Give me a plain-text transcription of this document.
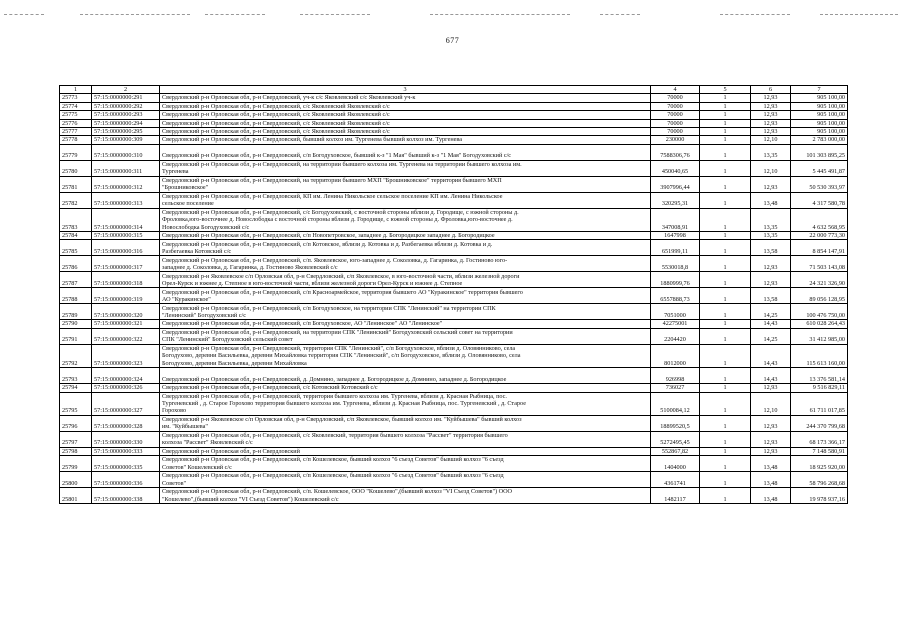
677
1	2	3	4	5	6	7
25773	57:15:0000000:291	Свердловский р-н Орловская обл, р-н Свердловский, уч-к с/с Яковлевский с/с Яковлевский уч-к	70000	1	12,93	905 100,00
25774	57:15:0000000:292	Свердловский р-н Орловская обл, р-н Свердловский, с/с Яковлевский Яковлевский с/с	70000	1	12,93	905 100,00
25775	57:15:0000000:293	Свердловский р-н Орловская обл, р-н Свердловский, с/с Яковлевский Яковлевский с/с	70000	1	12,93	905 100,00
25776	57:15:0000000:294	Свердловский р-н Орловская обл, р-н Свердловский, с/с Яковлевский Яковлевский с/с	70000	1	12,93	905 100,00
25777	57:15:0000000:295	Свердловский р-н Орловская обл, р-н Свердловский, с/с Яковлевский Яковлевский с/с	70000	1	12,93	905 100,00
25778	57:15:0000000:309	Свердловский р-н Орловская обл, р-н Свердловский, бывший колхоз им. Тургенева бывший колхоз им. Тургенева	230000	1	12,10	2 783 000,00
25779	57:15:0000000:310	Свердловский р-н Орловская обл, р-н Свердловский, с/п Богодуховское, бывший к-з "1 Мая" бывший к-з "1 Мая" Богодуховский с/с	7588306,76	1	13,35	101 303 895,25
25780	57:15:0000000:311	Свердловский р-н Орловская обл, р-н Свердловский, на территории бывшего колхоза им. Тургенева на территории бывшего колхоза им.
Тургенева	450040,65	1	12,10	5 445 491,87
25781	57:15:0000000:312	Свердловский р-н Орловская обл, р-н Свердловский, на территории бывшего МХП "Брошниковское" территория бывшего МХП
"Брошниковское"	3907996,44	1	12,93	50 530 393,97
25782	57:15:0000000:313	Свердловский р-н Орловская обл, р-н Свердловский, КП им. Ленина Никольское сельское поселение КП им. Ленина Никольское
сельское поселение	320295,31	1	13,48	4 317 580,78
25783	57:15:0000000:314	Свердловский р-н Орловская обл, р-н Свердловский, с/с Богодуховский, с восточной стороны вблизи д. Городище, с южной стороны д.
Фроловка,юго-восточнее д. Новослободка с восточной стороны вблизи д. Городище, с южной стороны д. Фроловка,юго-восточнее д.
Новослободка Богодуховский с/с	347008,91	1	13,35	4 632 568,95
25784	57:15:0000000:315	Свердловский р-н Орловская обл, р-н Свердловский, с/п Новопетровское, западнее д. Богородицкое западнее д. Богородицкое	1647998	1	13,35	22 000 773,30
25785	57:15:0000000:316	Свердловский р-н Орловская обл, р-н Свердловский, с/п Котовское, вблизи д. Котовка и д. Разбегаевка вблизи д. Котовка и д.
Разбегаевка Котовский с/с	651999,11	1	13,58	8 854 147,91
25786	57:15:0000000:317	Свердловский р-н Орловская обл, р-н Свердловский, с/п. Яковлевское, юго-западнее д. Соколовка, д. Гагаринка, д. Гостиново юго-
западнее д. Соколовка, д. Гагаринка, д. Гостиново Яковлевский с/с	5530018,8	1	12,93	71 503 143,08
25787	57:15:0000000:318	Свердловский р-н Яковлевское с/п Орловская обл, р-н Свердловский, с/п Яковлевское, в юго-восточной части, вблизи железной дороги
Орел-Курск и южнее д. Степное в юго-восточной части, вблизи железной дороги Орел-Курск и южнее д. Степное	1880999,76	1	12,93	24 321 326,90
25788	57:15:0000000:319	Свердловский р-н Орловская обл, р-н Свердловский, с/п Красноармейское, территория бывшего АО "Куракинское" территория бывшего
АО "Куракинское"	6557888,73	1	13,58	89 056 128,95
25789	57:15:0000000:320	Свердловский р-н Орловская обл, р-н Свердловский, с/п Богодуховское, на территории СПК "Ленинский" на территории СПК
"Ленинский" Богодуховский с/с	7051000	1	14,25	100 476 750,00
25790	57:15:0000000:321	Свердловский р-н Орловская обл, р-н Свердловский, с/п Богодуховское, АО "Ленинское" АО "Ленинское"	42275001	1	14,43	610 028 264,43
25791	57:15:0000000:322	Свердловский р-н Орловская обл, р-н Свердловский, на территории СПК "Ленинский" Богодуховский сельский совет на территории
СПК "Ленинский" Богодуховский сельский совет	2204420	1	14,25	31 412 985,00
25792	57:15:0000000:323	Свердловский р-н Орловская обл, р-н Свердловский, территория СПК "Ленинский", с/п Богодуховское, вблизи д. Оловянниково, села
Богодухово, деревни Васильевка, деревни Михайловка территория СПК "Ленинский", с/п Богодуховское, вблизи д. Оловянниково, села
Богодухово, деревни Васильевка, деревни Михайловка	8012000	1	14,43	115 613 160,00
25793	57:15:0000000:324	Свердловский р-н Орловская обл, р-н Свердловский, д. Домнино, западнее д. Богородицкое д. Домнино, западнее д. Богородицкое	926998	1	14,43	13 376 581,14
25794	57:15:0000000:326	Свердловский р-н Орловская обл, р-н Свердловский, с/с Котовский Котовский с/с	736027	1	12,93	9 516 829,11
25795	57:15:0000000:327	Свердловский р-н Орловская обл, р-н Свердловский, территория бывшего колхоза им. Тургенева, вблизи д. Красная Рыбница, пос.
Тургеневский , д. Старое Горохово территория бывшего колхоза им. Тургенева, вблизи д. Красная Рыбница, пос. Тургеневский , д. Старое
Горохово	5100084,12	1	12,10	61 711 017,85
25796	57:15:0000000:328	Свердловский р-н Яковлевское с/п Орловская обл, р-н Свердловский, с/п Яковлевское, бывший колхоз им. "Куйбышева" бывший колхоз
им. "Куйбышева"	18899520,5	1	12,93	244 370 799,68
25797	57:15:0000000:330	Свердловский р-н Орловская обл, р-н Свердловский, с/с Яковлевский, территория бывшего колхоза "Рассвет" территория бывшего
колхоза "Рассвет" Яковлевский с/с	5272495,45	1	12,93	68 173 366,17
25798	57:15:0000000:333	Свердловский р-н Орловская обл, р-н Свердловский	552867,82	1	12,93	7 148 580,91
25799	57:15:0000000:335	Свердловский р-н Орловская обл, р-н Свердловский, с/п Кошелевское, бывший колхоз "6 съезд Советов" бывший колхоз "6 съезд
Советов" Кошелевский с/с	1404000	1	13,48	18 925 920,00
25800	57:15:0000000:336	Свердловский р-н Орловская обл, р-н Свердловский, с/п Кошелевское, бывший колхоз "6 съезд Советов" бывший колхоз "6 съезд
Советов"	4361741	1	13,48	58 796 268,68
25801	57:15:0000000:338	Свердловский р-н Орловская обл, р-н Свердловский, с/п. Кошелевское, ООО "Кошелево",(бывший колхоз "VI Съезд Советов") ООО
"Кошелево",(бывший колхоз "VI Съезд Советов") Кошелевский с/с	1482117	1	13,48	19 978 937,16
